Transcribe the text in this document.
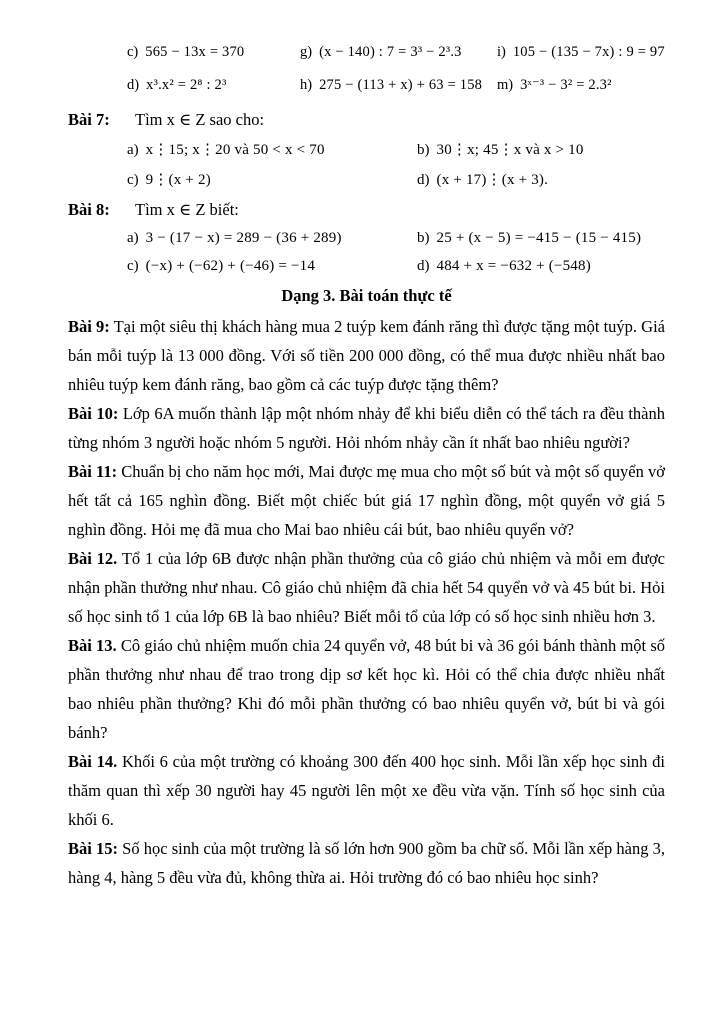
c) 565 − 13x = 370	g) (x − 140) : 7 = 3³ − 2³.3	i) 105 − (135 − 7x) : 9 = 97
d) x³.x² = 2⁸ : 2³	h) 275 − (113 + x) + 63 = 158	m) 3ˣ⁻³ − 3² = 2.3²

Bài 7:	Tìm x ∈ Z sao cho:

a) x⋮15; x⋮20 và 50 < x < 70	b) 30⋮x; 45⋮x và x > 10
c) 9⋮(x + 2)	d) (x + 17)⋮(x + 3).

Bài 8:	Tìm x ∈ Z biết:

a) 3 − (17 − x) = 289 − (36 + 289)	b) 25 + (x − 5) = −415 − (15 − 415)
c) (−x) + (−62) + (−46) = −14	d) 484 + x = −632 + (−548)

Dạng 3. Bài toán thực tế

Bài 9: Tại một siêu thị khách hàng mua 2 tuýp kem đánh răng thì được tặng một tuýp. Giá bán mỗi tuýp là 13 000 đồng. Với số tiền 200 000 đồng, có thể mua được nhiều nhất bao nhiêu tuýp kem đánh răng, bao gồm cả các tuýp được tặng thêm?

Bài 10: Lớp 6A muốn thành lập một nhóm nhảy để khi biểu diễn có thể tách ra đều thành từng nhóm 3 người hoặc nhóm 5 người. Hỏi nhóm nhảy cần ít nhất bao nhiêu người?

Bài 11: Chuẩn bị cho năm học mới, Mai được mẹ mua cho một số bút và một số quyển vở hết tất cả 165 nghìn đồng. Biết một chiếc bút giá 17 nghìn đồng, một quyển vở giá 5 nghìn đồng. Hỏi mẹ đã mua cho Mai bao nhiêu cái bút, bao nhiêu quyển vở?

Bài 12. Tổ 1 của lớp 6B được nhận phần thưởng của cô giáo chủ nhiệm và mỗi em được nhận phần thưởng như nhau. Cô giáo chủ nhiệm đã chia hết 54 quyển vở và 45 bút bi. Hỏi số học sinh tổ 1 của lớp 6B là bao nhiêu? Biết mỗi tổ của lớp có số học sinh nhiều hơn 3.

Bài 13. Cô giáo chủ nhiệm muốn chia 24 quyển vở, 48 bút bi và 36 gói bánh thành một số phần thưởng như nhau để trao trong dịp sơ kết học kì. Hỏi có thể chia được nhiều nhất bao nhiêu phần thưởng? Khi đó mỗi phần thưởng có bao nhiêu quyển vở, bút bi và gói bánh?

Bài 14. Khối 6 của một trường có khoảng 300 đến 400 học sinh. Mỗi lần xếp học sinh đi thăm quan thì xếp 30 người hay 45 người lên một xe đều vừa vặn. Tính số học sinh của khối 6.

Bài 15: Số học sinh của một trường là số lớn hơn 900 gồm ba chữ số. Mỗi lần xếp hàng 3, hàng 4, hàng 5 đều vừa đủ, không thừa ai. Hỏi trường đó có bao nhiêu học sinh?
